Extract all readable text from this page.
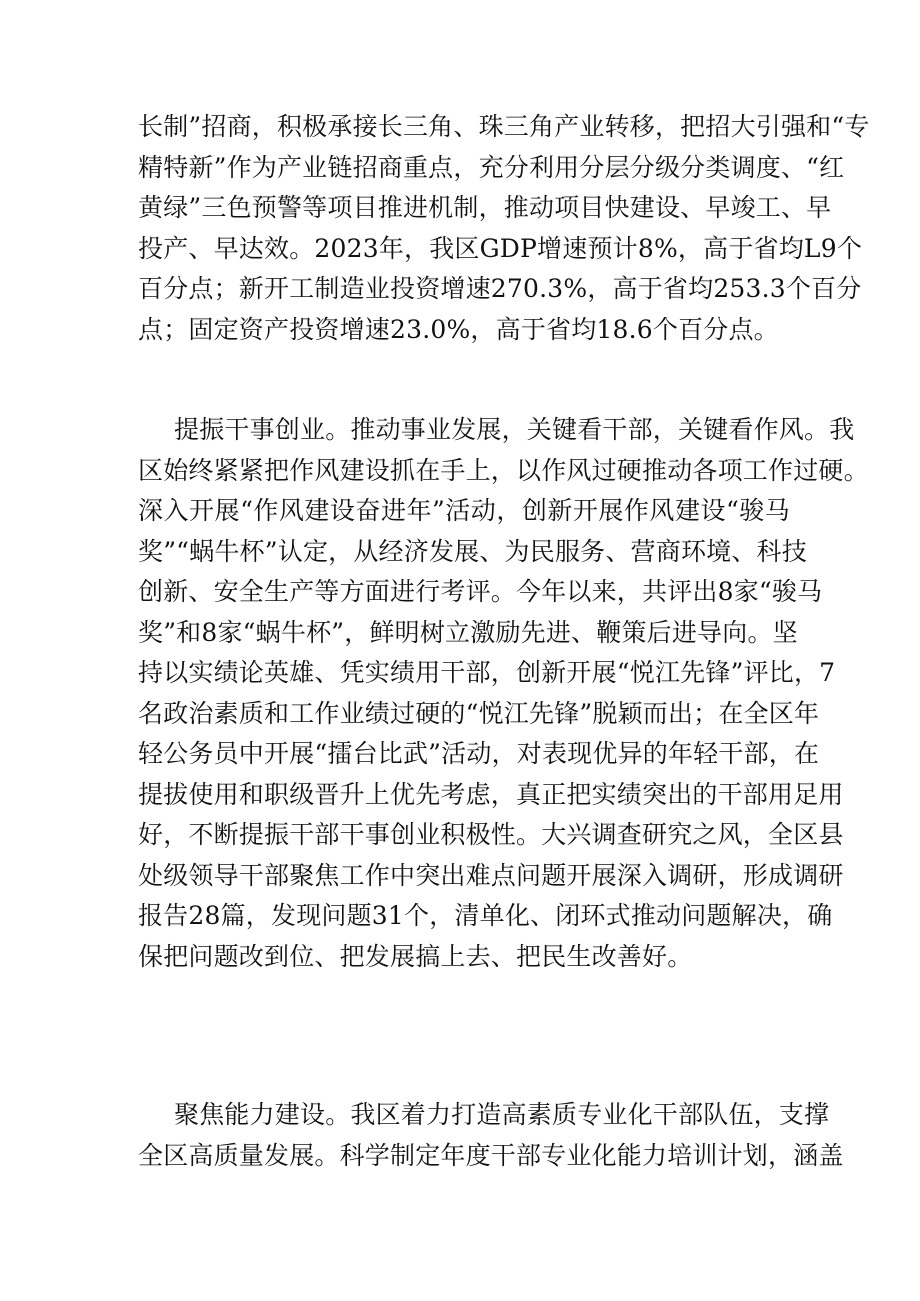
长制”招商，积极承接长三角、珠三角产业转移，把招大引强和“专
精特新”作为产业链招商重点，充分利用分层分级分类调度、“红
黄绿”三色预警等项目推进机制，推动项目快建设、早竣工、早
投产、早达效。2023年，我区GDP增速预计8%，高于省均L9个
百分点；新开工制造业投资增速270.3%，高于省均253.3个百分
点；固定资产投资增速23.0%，高于省均18.6个百分点。
提振干事创业。推动事业发展，关键看干部，关键看作风。我
区始终紧紧把作风建设抓在手上，以作风过硬推动各项工作过硬。
深入开展“作风建设奋进年”活动，创新开展作风建设“骏马
奖”“蜗牛杯”认定，从经济发展、为民服务、营商环境、科技
创新、安全生产等方面进行考评。今年以来，共评出8家“骏马
奖”和8家“蜗牛杯”，鲜明树立激励先进、鞭策后进导向。坚
持以实绩论英雄、凭实绩用干部，创新开展“悦江先锋”评比，7
名政治素质和工作业绩过硬的“悦江先锋”脱颖而出；在全区年
轻公务员中开展“擂台比武”活动，对表现优异的年轻干部，在
提拔使用和职级晋升上优先考虑，真正把实绩突出的干部用足用
好，不断提振干部干事创业积极性。大兴调查研究之风，全区县
处级领导干部聚焦工作中突出难点问题开展深入调研，形成调研
报告28篇，发现问题31个，清单化、闭环式推动问题解决，确
保把问题改到位、把发展搞上去、把民生改善好。
聚焦能力建设。我区着力打造高素质专业化干部队伍，支撑
全区高质量发展。科学制定年度干部专业化能力培训计划，涵盖
